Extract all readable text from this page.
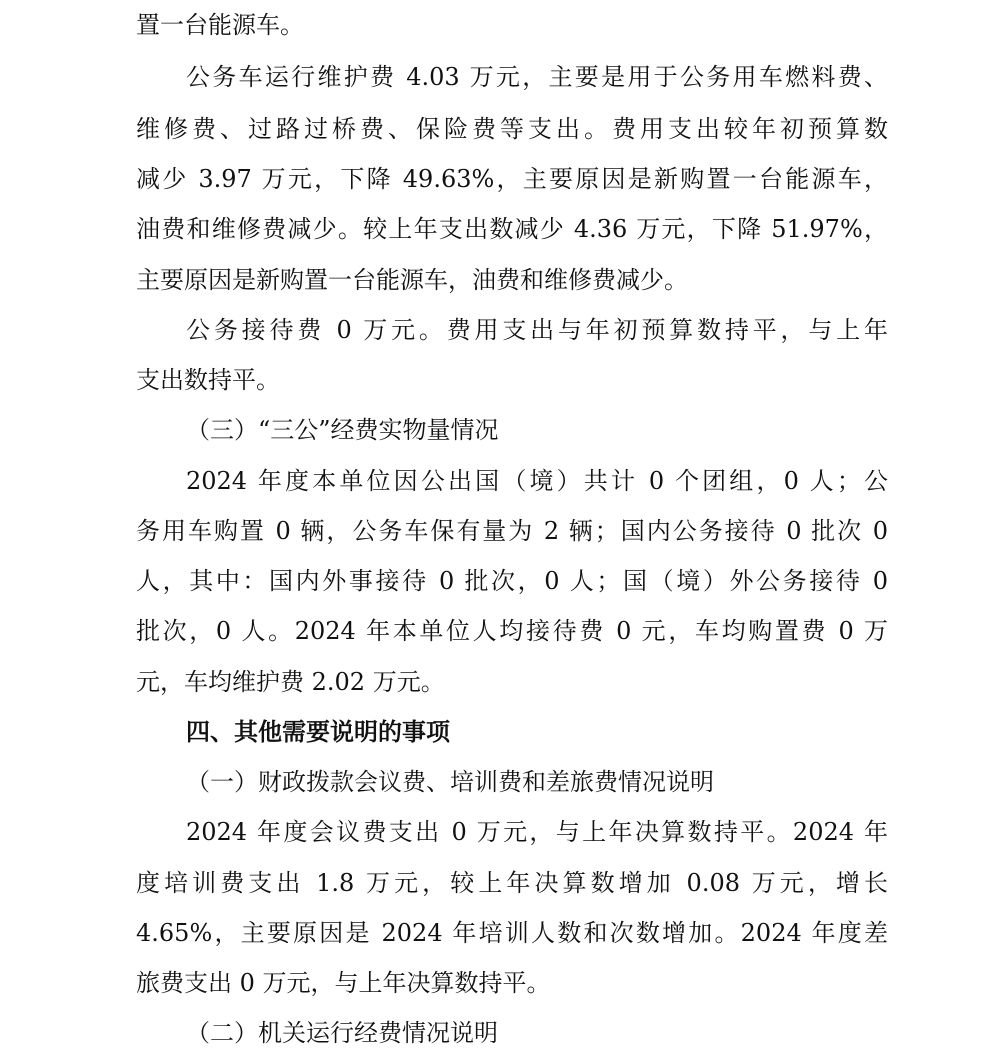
置一台能源车。
公务车运行维护费 4.03 万元，主要是用于公务用车燃料费、
维修费、过路过桥费、保险费等支出。费用支出较年初预算数
减少 3.97 万元，下降 49.63%，主要原因是新购置一台能源车，
油费和维修费减少。较上年支出数减少 4.36 万元，下降 51.97%，
主要原因是新购置一台能源车，油费和维修费减少。
公务接待费 0 万元。费用支出与年初预算数持平，与上年
支出数持平。
（三）“三公”经费实物量情况
2024 年度本单位因公出国（境）共计 0 个团组，0 人；公
务用车购置 0 辆，公务车保有量为 2 辆；国内公务接待 0 批次 0
人，其中：国内外事接待 0 批次，0 人；国（境）外公务接待 0
批次，0 人。2024 年本单位人均接待费 0 元，车均购置费 0 万
元，车均维护费 2.02 万元。
四、其他需要说明的事项
（一）财政拨款会议费、培训费和差旅费情况说明
2024 年度会议费支出 0 万元，与上年决算数持平。2024 年
度培训费支出 1.8 万元，较上年决算数增加 0.08 万元，增长
4.65%，主要原因是 2024 年培训人数和次数增加。2024 年度差
旅费支出 0 万元，与上年决算数持平。
（二）机关运行经费情况说明
